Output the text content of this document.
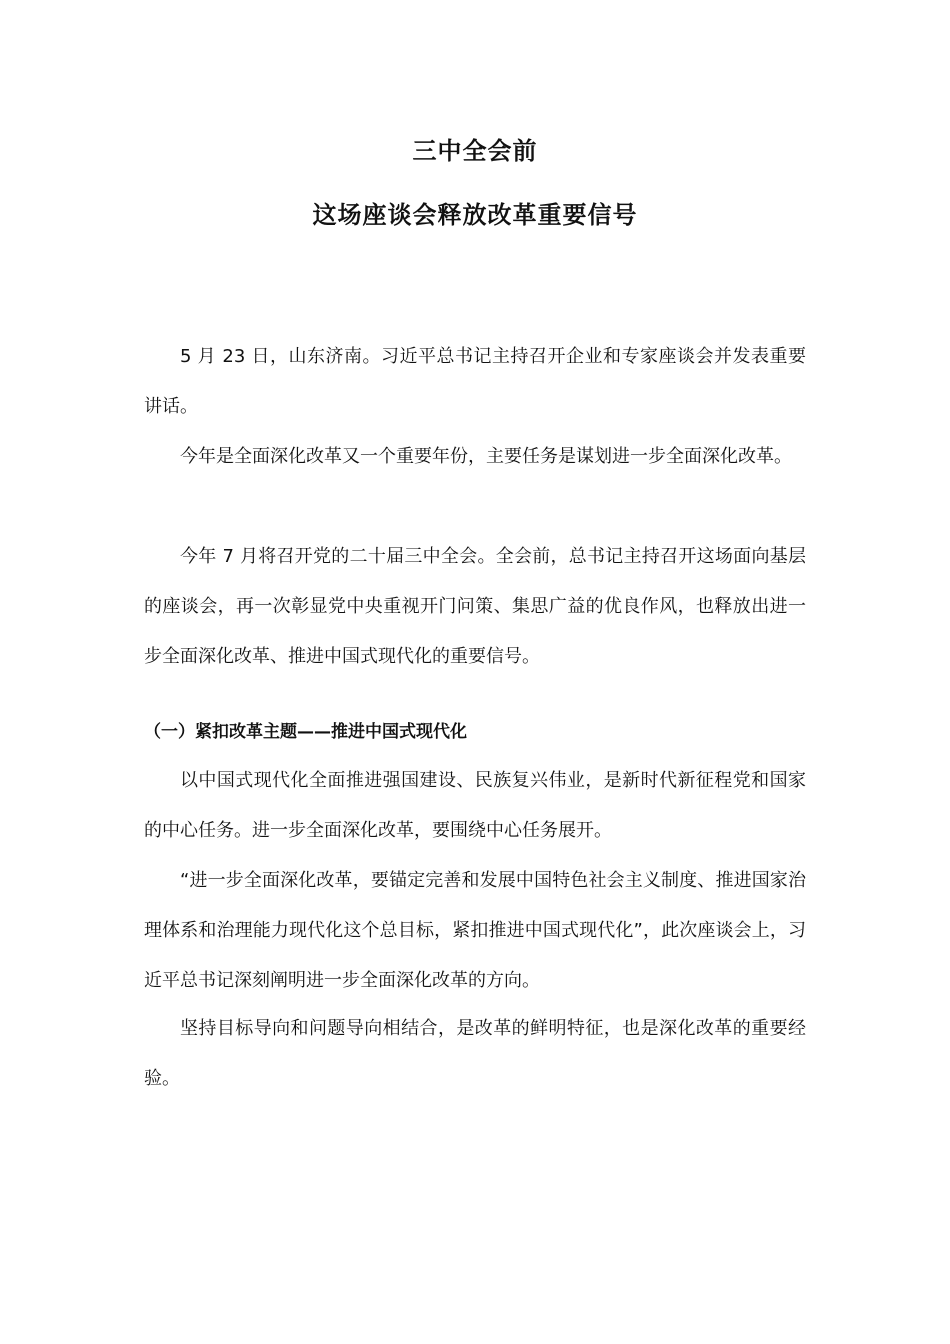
三中全会前
这场座谈会释放改革重要信号

5 月 23 日，山东济南。习近平总书记主持召开企业和专家座谈会并发表重要讲话。

今年是全面深化改革又一个重要年份，主要任务是谋划进一步全面深化改革。

今年 7 月将召开党的二十届三中全会。全会前，总书记主持召开这场面向基层的座谈会，再一次彰显党中央重视开门问策、集思广益的优良作风，也释放出进一步全面深化改革、推进中国式现代化的重要信号。

（一）紧扣改革主题——推进中国式现代化

以中国式现代化全面推进强国建设、民族复兴伟业，是新时代新征程党和国家的中心任务。进一步全面深化改革，要围绕中心任务展开。

“进一步全面深化改革，要锚定完善和发展中国特色社会主义制度、推进国家治理体系和治理能力现代化这个总目标，紧扣推进中国式现代化”，此次座谈会上，习近平总书记深刻阐明进一步全面深化改革的方向。

坚持目标导向和问题导向相结合，是改革的鲜明特征，也是深化改革的重要经验。
